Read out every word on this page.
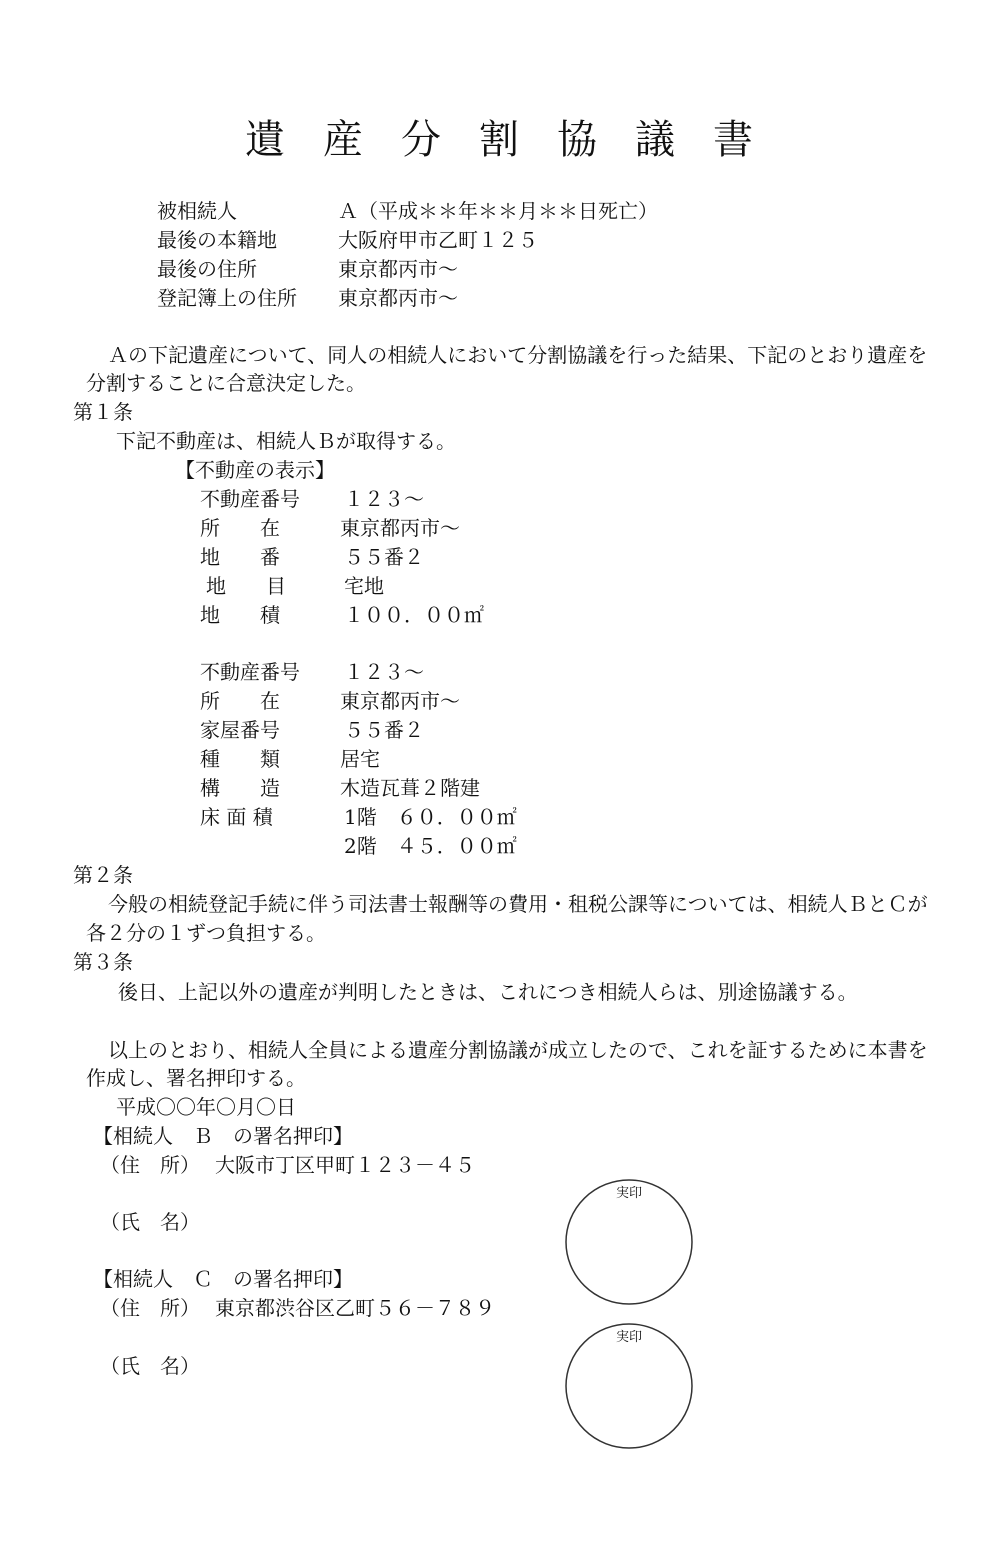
遺産分割協議書
被相続人	Ａ（平成＊＊年＊＊月＊＊日死亡）
最後の本籍地	大阪府甲市乙町１２５
最後の住所	東京都丙市～
登記簿上の住所 東京都丙市～
Ａの下記遺産について、同人の相続人において分割協議を行った結果、下記のとおり遺産を
分割することに合意決定した。
第１条
下記不動産は、相続人Ｂが取得する。
【不動産の表示】
不動産番号 １２３～
所　　在	東京都丙市～
地　　番	５５番２
地　　目	宅地
地　　積	１００．００㎡
不動産番号 １２３～
所　　在	東京都丙市～
家屋番号	５５番２
種　　類	居宅
構　　造	木造瓦葺２階建
床 面 積	1階　６０．００㎡
2階　４５．００㎡
第２条
今般の相続登記手続に伴う司法書士報酬等の費用・租税公課等については、相続人ＢとＣが
各２分の１ずつ負担する。
第３条
後日、上記以外の遺産が判明したときは、これにつき相続人らは、別途協議する。
以上のとおり、相続人全員による遺産分割協議が成立したので、これを証するために本書を
作成し、署名押印する。
平成〇〇年〇月〇日
【相続人　Ｂ　の署名押印】
（住　所） 大阪市丁区甲町１２３－４５
（氏　名）
実印
【相続人　Ｃ　の署名押印】
（住　所） 東京都渋谷区乙町５６－７８９
（氏　名）
実印
